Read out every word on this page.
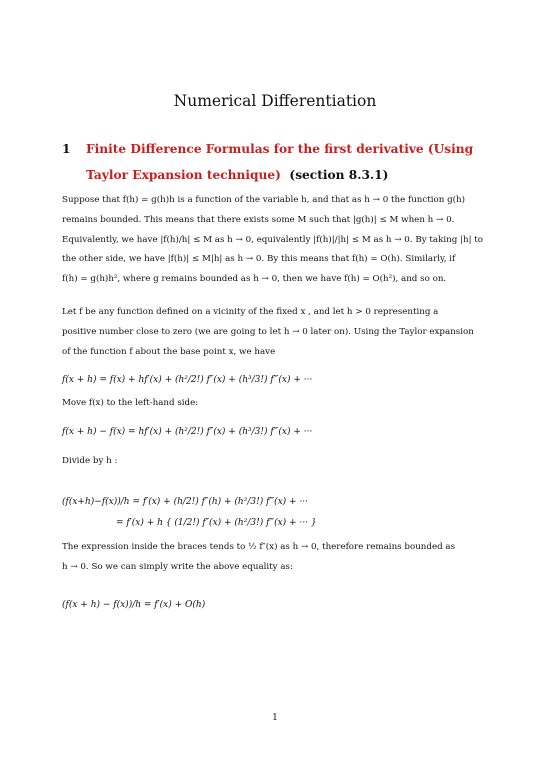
Numerical Differentiation
1 Finite Difference Formulas for the first derivative (Using
Taylor Expansion technique) (section 8.3.1)
Suppose that f(h) = g(h)h is a function of the variable h, and that as h → 0 the function g(h)
remains bounded. This means that there exists some M such that |g(h)| ≤ M when h → 0.
Equivalently, we have |f(h)/h| ≤ M as h → 0, equivalently |f(h)|/|h| ≤ M as h → 0. By taking |h| to
the other side, we have |f(h)| ≤ M|h| as h → 0. By this means that f(h) = O(h). Similarly, if
f(h) = g(h)h², where g remains bounded as h → 0, then we have f(h) = O(h²), and so on.
Let f be any function defined on a vicinity of the fixed x , and let h > 0 representing a
positive number close to zero (we are going to let h → 0 later on). Using the Taylor expansion
of the function f about the base point x, we have
f(x + h) = f(x) + hf′(x) + (h²/2!) f″(x) + (h³/3!) f‴(x) + ···
Move f(x) to the left-hand side:
f(x + h) − f(x) = hf′(x) + (h²/2!) f″(x) + (h³/3!) f‴(x) + ···
Divide by h :
(f(x+h)−f(x))/h = f′(x) + (h/2!) f″(h) + (h²/3!) f‴(x) + ···
= f′(x) + h { (1/2!) f″(x) + (h²/3!) f‴(x) + ··· }
The expression inside the braces tends to ½ f″(x) as h → 0, therefore remains bounded as
h → 0. So we can simply write the above equality as:
(f(x + h) − f(x))/h = f′(x) + O(h)
1
